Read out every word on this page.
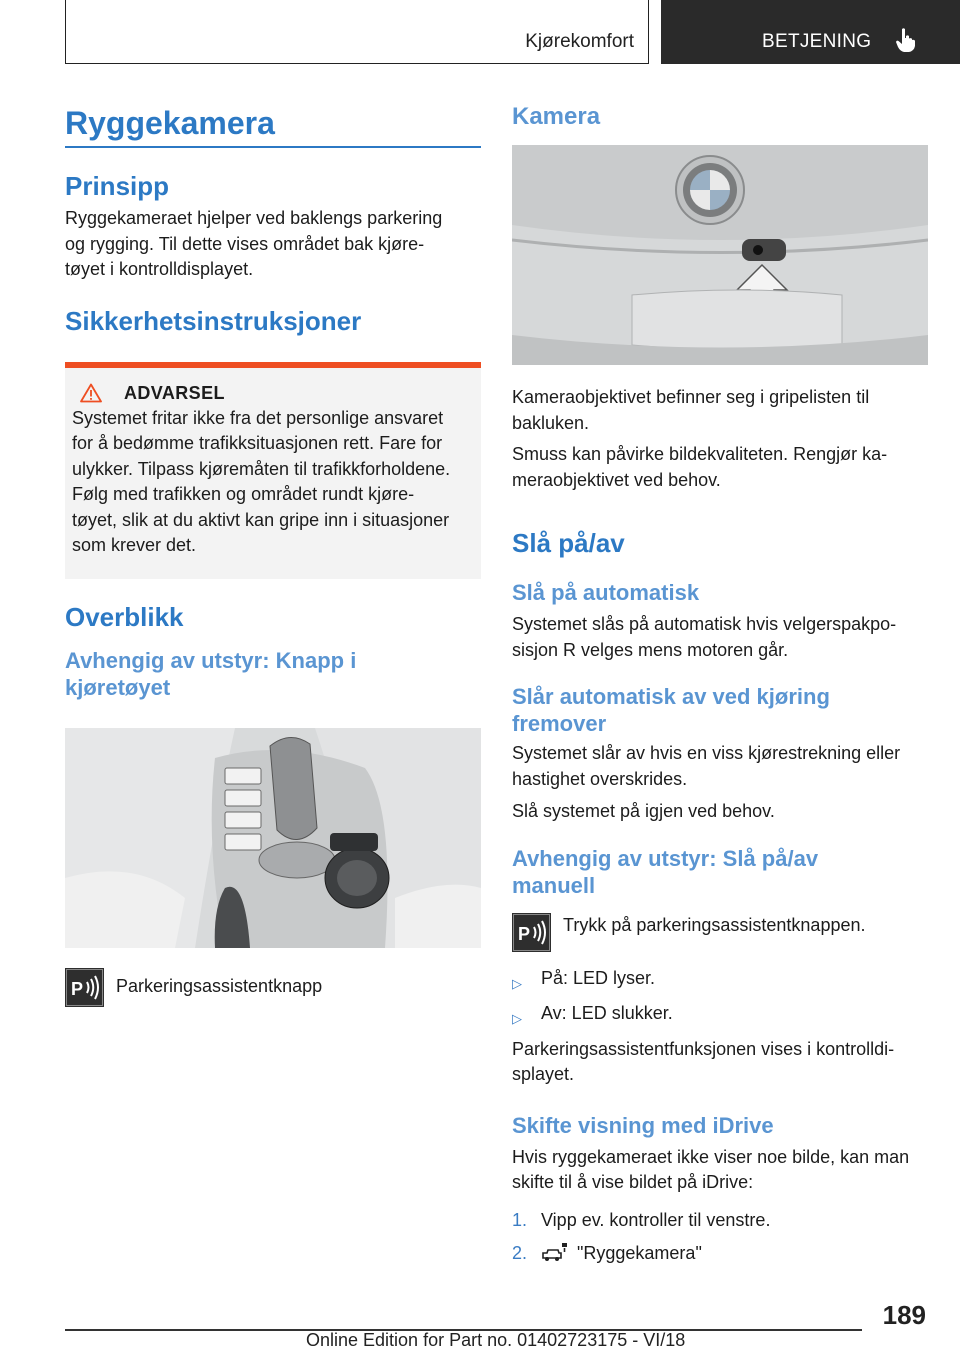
Kjørekomfort	BETJENING
Ryggekamera
Prinsipp
Ryggekameraet hjelper ved baklengs parkering
og rygging. Til dette vises området bak kjøre-
tøyet i kontrolldisplayet.
Sikkerhetsinstruksjoner
ADVARSEL
Systemet fritar ikke fra det personlige ansvaret
for å bedømme trafikksituasjonen rett. Fare for
ulykker. Tilpass kjøremåten til trafikkforholdene.
Følg med trafikken og området rundt kjøre-
tøyet, slik at du aktivt kan gripe inn i situasjoner
som krever det.
Overblikk
Avhengig av utstyr: Knapp i
kjøretøyet
P Parkeringsassistentknapp
Kamera
Kameraobjektivet befinner seg i gripelisten til
bakluken.
Smuss kan påvirke bildekvaliteten. Rengjør ka-
meraobjektivet ved behov.
Slå på/av
Slå på automatisk
Systemet slås på automatisk hvis velgerspakpo-
sisjon R velges mens motoren går.
Slår automatisk av ved kjøring
fremover
Systemet slår av hvis en viss kjørestrekning eller
hastighet overskrides.
Slå systemet på igjen ved behov.
Avhengig av utstyr: Slå på/av
manuell
P Trykk på parkeringsassistentknappen.
▷	På: LED lyser.
▷	Av: LED slukker.
Parkeringsassistentfunksjonen vises i kontrolldi-
splayet.
Skifte visning med iDrive
Hvis ryggekameraet ikke viser noe bilde, kan man
skifte til å vise bildet på iDrive:
1. Vipp ev. kontroller til venstre.
2.	"Ryggekamera"
189
Online Edition for Part no. 01402723175 - VI/18
